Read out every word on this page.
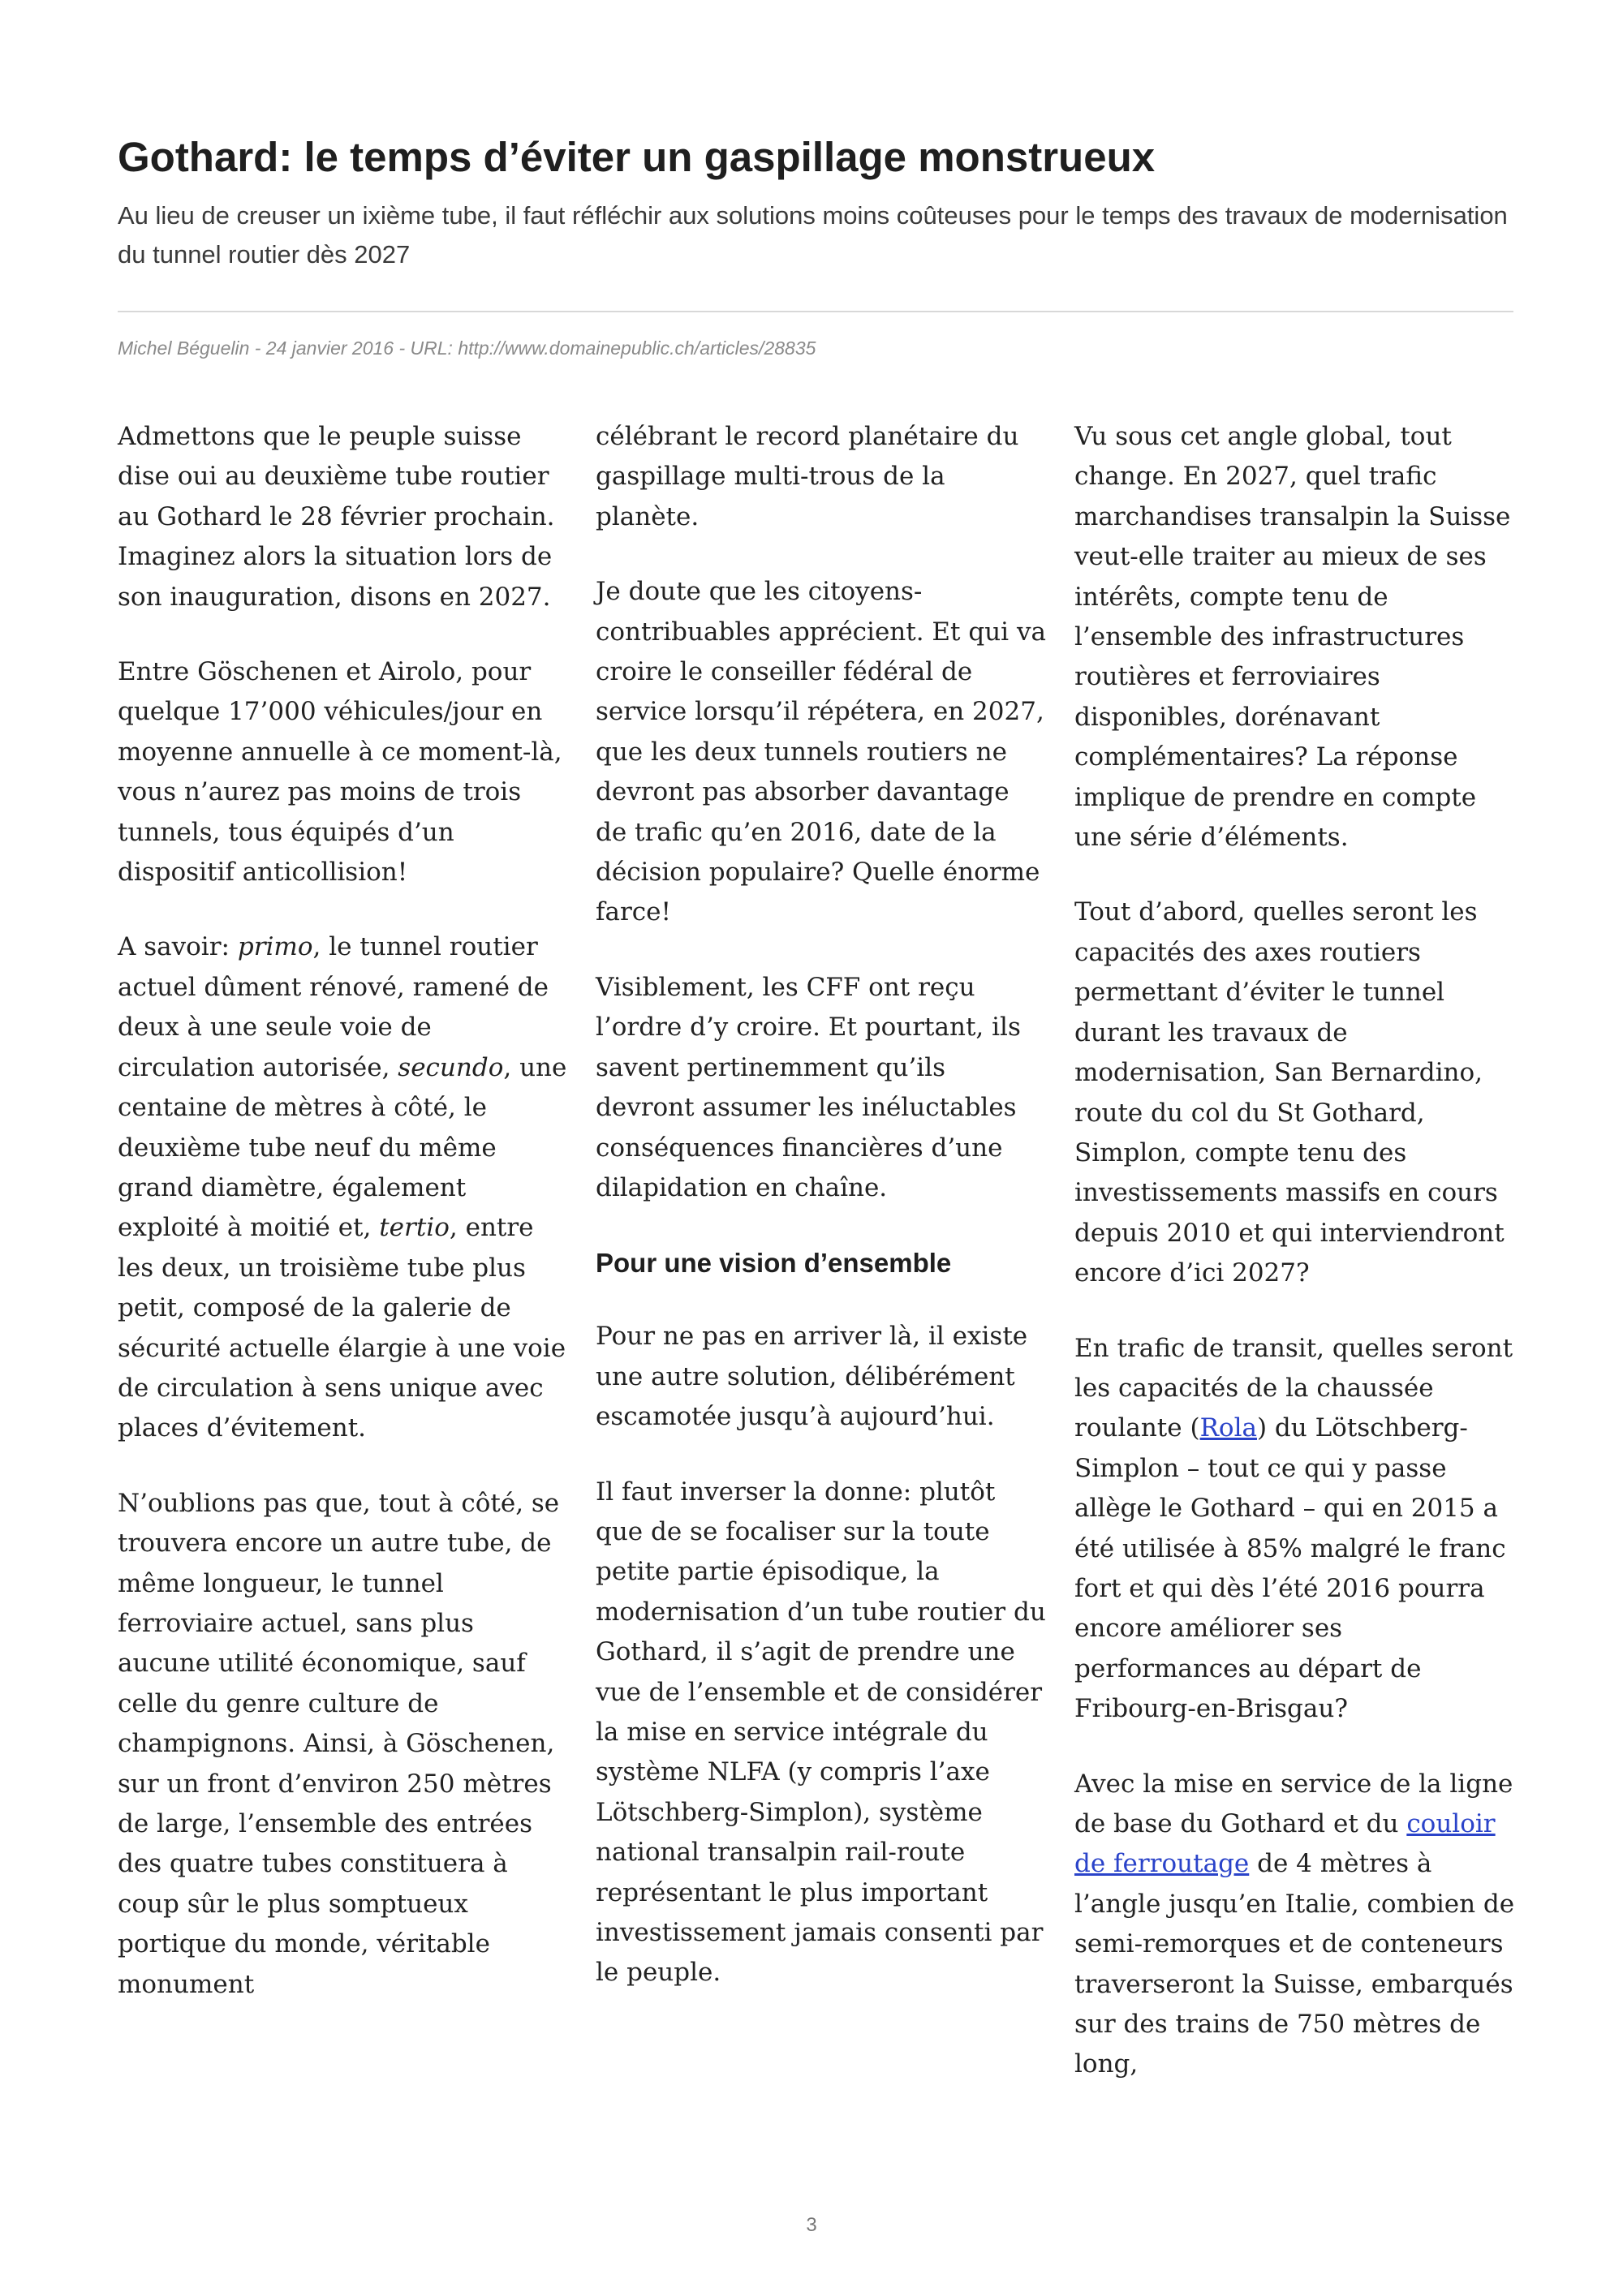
Gothard: le temps d’éviter un gaspillage monstrueux

Au lieu de creuser un ixième tube, il faut réfléchir aux solutions moins coûteuses pour le temps des travaux de modernisation du tunnel routier dès 2027

Michel Béguelin - 24 janvier 2016 - URL: http://www.domainepublic.ch/articles/28835

Admettons que le peuple suisse dise oui au deuxième tube routier au Gothard le 28 février prochain. Imaginez alors la situation lors de son inauguration, disons en 2027.

Entre Göschenen et Airolo, pour quelque 17’000 véhicules/jour en moyenne annuelle à ce moment-là, vous n’aurez pas moins de trois tunnels, tous équipés d’un dispositif anticollision!

A savoir: primo, le tunnel routier actuel dûment rénové, ramené de deux à une seule voie de circulation autorisée, secundo, une centaine de mètres à côté, le deuxième tube neuf du même grand diamètre, également exploité à moitié et, tertio, entre les deux, un troisième tube plus petit, composé de la galerie de sécurité actuelle élargie à une voie de circulation à sens unique avec places d’évitement.

N’oublions pas que, tout à côté, se trouvera encore un autre tube, de même longueur, le tunnel ferroviaire actuel, sans plus aucune utilité économique, sauf celle du genre culture de champignons. Ainsi, à Göschenen, sur un front d’environ 250 mètres de large, l’ensemble des entrées des quatre tubes constituera à coup sûr le plus somptueux portique du monde, véritable monument

célébrant le record planétaire du gaspillage multi-trous de la planète.

Je doute que les citoyens-contribuables apprécient. Et qui va croire le conseiller fédéral de service lorsqu’il répétera, en 2027, que les deux tunnels routiers ne devront pas absorber davantage de trafic qu’en 2016, date de la décision populaire? Quelle énorme farce!

Visiblement, les CFF ont reçu l’ordre d’y croire. Et pourtant, ils savent pertinemment qu’ils devront assumer les inéluctables conséquences financières d’une dilapidation en chaîne.

Pour une vision d’ensemble

Pour ne pas en arriver là, il existe une autre solution, délibérément escamotée jusqu’à aujourd’hui.

Il faut inverser la donne: plutôt que de se focaliser sur la toute petite partie épisodique, la modernisation d’un tube routier du Gothard, il s’agit de prendre une vue de l’ensemble et de considérer la mise en service intégrale du système NLFA (y compris l’axe Lötschberg-Simplon), système national transalpin rail-route représentant le plus important investissement jamais consenti par le peuple.

Vu sous cet angle global, tout change. En 2027, quel trafic marchandises transalpin la Suisse veut-elle traiter au mieux de ses intérêts, compte tenu de l’ensemble des infrastructures routières et ferroviaires disponibles, dorénavant complémentaires? La réponse implique de prendre en compte une série d’éléments.

Tout d’abord, quelles seront les capacités des axes routiers permettant d’éviter le tunnel durant les travaux de modernisation, San Bernardino, route du col du St Gothard, Simplon, compte tenu des investissements massifs en cours depuis 2010 et qui interviendront encore d’ici 2027?

En trafic de transit, quelles seront les capacités de la chaussée roulante (Rola) du Lötschberg-Simplon – tout ce qui y passe allège le Gothard – qui en 2015 a été utilisée à 85% malgré le franc fort et qui dès l’été 2016 pourra encore améliorer ses performances au départ de Fribourg-en-Brisgau?

Avec la mise en service de la ligne de base du Gothard et du couloir de ferroutage de 4 mètres à l’angle jusqu’en Italie, combien de semi-remorques et de conteneurs traverseront la Suisse, embarqués sur des trains de 750 mètres de long,

3
